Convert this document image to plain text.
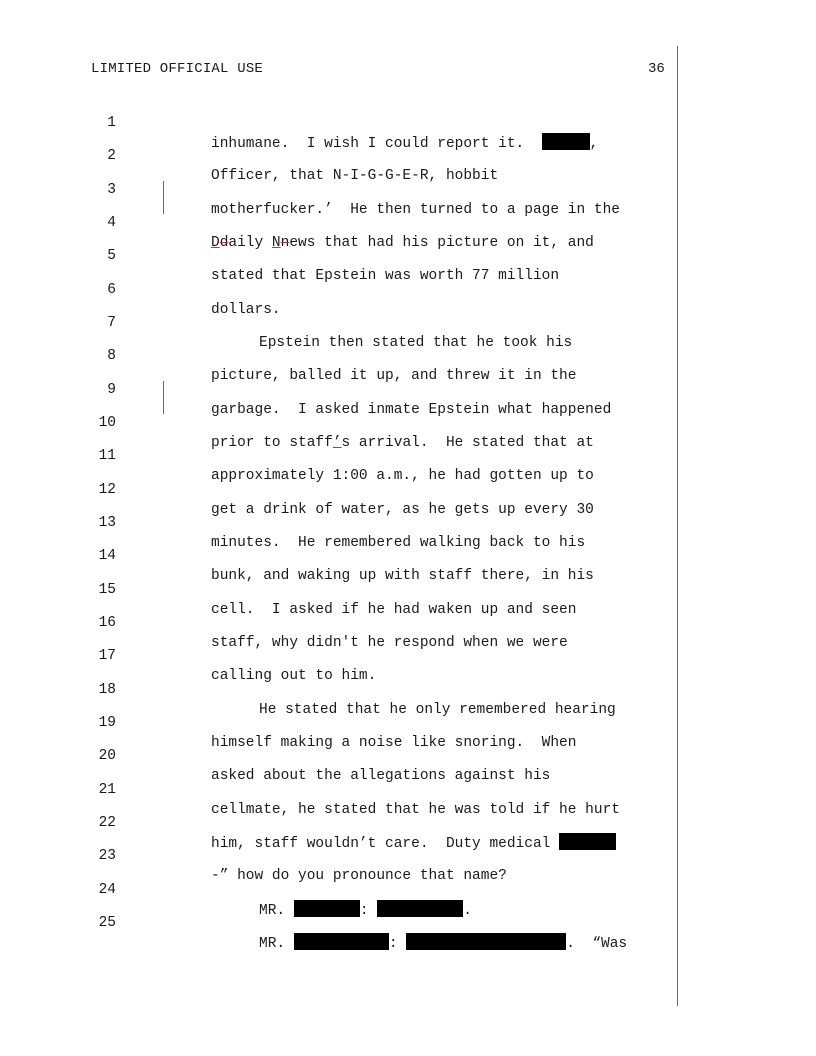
LIMITED OFFICIAL USE	36

1

inhumane.  I wish I could report it.	,

2

Officer, that N-I-G-G-E-R, hobbit

3

motherfucker.’  He then turned to a page in the

4

Ddaily Nnews that had his picture on it, and

5

stated that Epstein was worth 77 million

6

dollars.

7

Epstein then stated that he took his

8

picture, balled it up, and threw it in the

9

garbage.  I asked inmate Epstein what happened

10

prior to staff’s arrival.  He stated that at

11

approximately 1:00 a.m., he had gotten up to

12

get a drink of water, as he gets up every 30

13

minutes.  He remembered walking back to his

14

bunk, and waking up with staff there, in his

15

cell.  I asked if he had waken up and seen

16

staff, why didn't he respond when we were

17

calling out to him.

18

He stated that he only remembered hearing

19

himself making a noise like snoring.  When

20

asked about the allegations against his

21

cellmate, he stated that he was told if he hurt

22

him, staff wouldn’t care.  Duty medical

23

-” how do you pronounce that name?

24

MR.	:	.

25

MR.	:	.  “Was
